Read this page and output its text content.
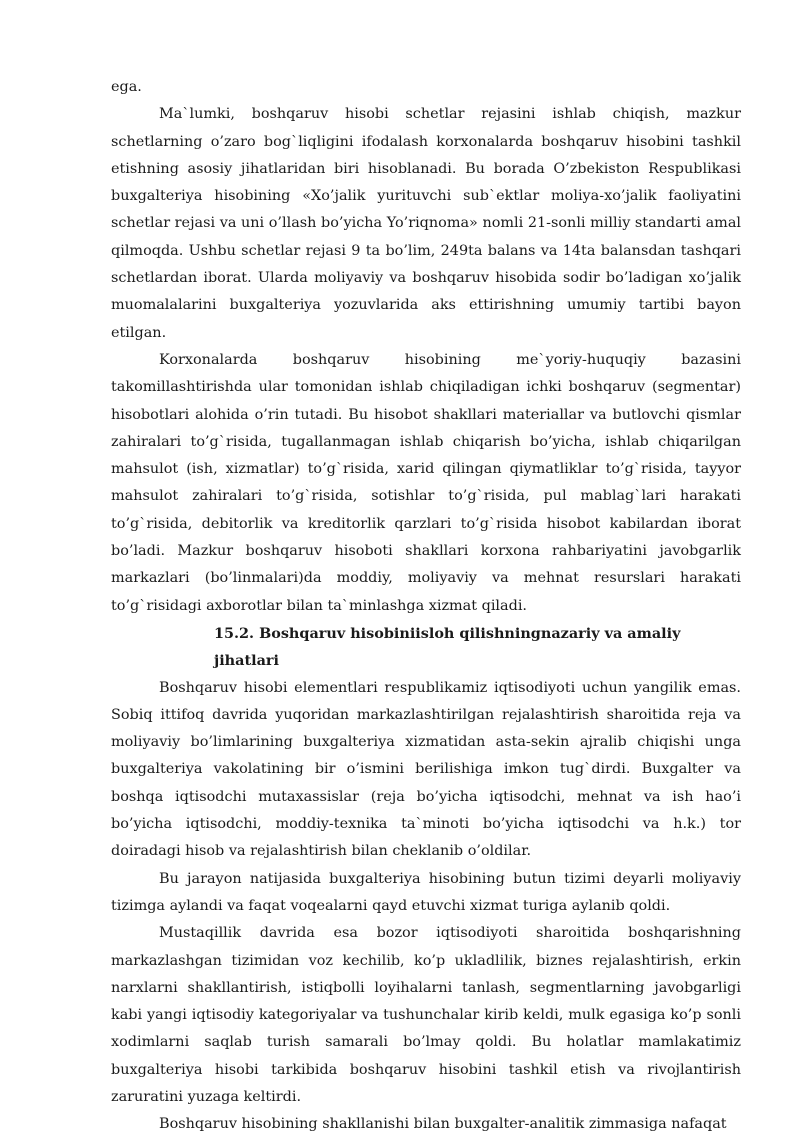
ega.

Ma`lumki, boshqaruv hisobi schetlar rejasini ishlab chiqish, mazkur schetlarning o’zaro bog`liqligini ifodalash korxonalarda boshqaruv hisobini tashkil etishning asosiy jihatlaridan biri hisoblanadi. Bu borada O’zbekiston Respublikasi buxgalteriya hisobining «Xo’jalik yurituvchi sub`ektlar moliya-xo’jalik faoliyatini schetlar rejasi va uni o’llash bo’yicha Yo’riqnoma» nomli 21-sonli milliy standarti amal qilmoqda. Ushbu schetlar rejasi 9 ta bo’lim, 249ta balans va 14ta balansdan tashqari schetlardan iborat. Ularda moliyaviy va boshqaruv hisobida sodir bo’ladigan xo’jalik muomalalarini buxgalteriya yozuvlarida aks ettirishning umumiy tartibi bayon etilgan.

Korxonalarda boshqaruv hisobining me`yoriy-huquqiy bazasini takomillashtirishda ular tomonidan ishlab chiqiladigan ichki boshqaruv (segmentar) hisobotlari alohida o’rin tutadi. Bu hisobot shakllari materiallar va butlovchi qismlar zahiralari to’g`risida, tugallanmagan ishlab chiqarish bo’yicha, ishlab chiqarilgan mahsulot (ish, xizmatlar) to’g`risida, xarid qilingan qiymatliklar to’g`risida, tayyor mahsulot zahiralari to’g`risida, sotishlar to’g`risida, pul mablag`lari harakati to’g`risida, debitorlik va kreditorlik qarzlari to’g`risida hisobot kabilardan iborat bo’ladi. Mazkur boshqaruv hisoboti shakllari korxona rahbariyatini javobgarlik markazlari (bo’linmalari)da moddiy, moliyaviy va mehnat resurslari harakati to’g`risidagi axborotlar bilan ta`minlashga xizmat qiladi.

15.2. Boshqaruv hisobiniisloh qilishningnazariy va amaliy jihatlari

Boshqaruv hisobi elementlari respublikamiz iqtisodiyoti uchun yangilik emas. Sobiq ittifoq davrida yuqoridan markazlashtirilgan rejalashtirish sharoitida reja va moliyaviy bo’limlarining buxgalteriya xizmatidan asta-sekin ajralib chiqishi unga buxgalteriya vakolatining bir o’ismini berilishiga imkon tug`dirdi. Buxgalter va boshqa iqtisodchi mutaxassislar (reja bo’yicha iqtisodchi, mehnat va ish hao’i bo’yicha iqtisodchi, moddiy-texnika ta`minoti bo’yicha iqtisodchi va h.k.) tor doiradagi hisob va rejalashtirish bilan cheklanib o’oldilar.

Bu jarayon natijasida buxgalteriya hisobining butun tizimi deyarli moliyaviy tizimga aylandi va faqat voqealarni qayd etuvchi xizmat turiga aylanib qoldi.

Mustaqillik davrida esa bozor iqtisodiyoti sharoitida boshqarishning markazlashgan tizimidan voz kechilib, ko’p ukladlilik, biznes rejalashtirish, erkin narxlarni shakllantirish, istiqbolli loyihalarni tanlash, segmentlarning javobgarligi kabi yangi iqtisodiy kategoriyalar va tushunchalar kirib keldi, mulk egasiga ko’p sonli xodimlarni saqlab turish samarali bo’lmay qoldi. Bu holatlar mamlakatimiz buxgalteriya hisobi tarkibida boshqaruv hisobini tashkil etish va rivojlantirish zaruratini yuzaga keltirdi.

Boshqaruv hisobining shakllanishi bilan buxgalter-analitik zimmasiga nafaqat
